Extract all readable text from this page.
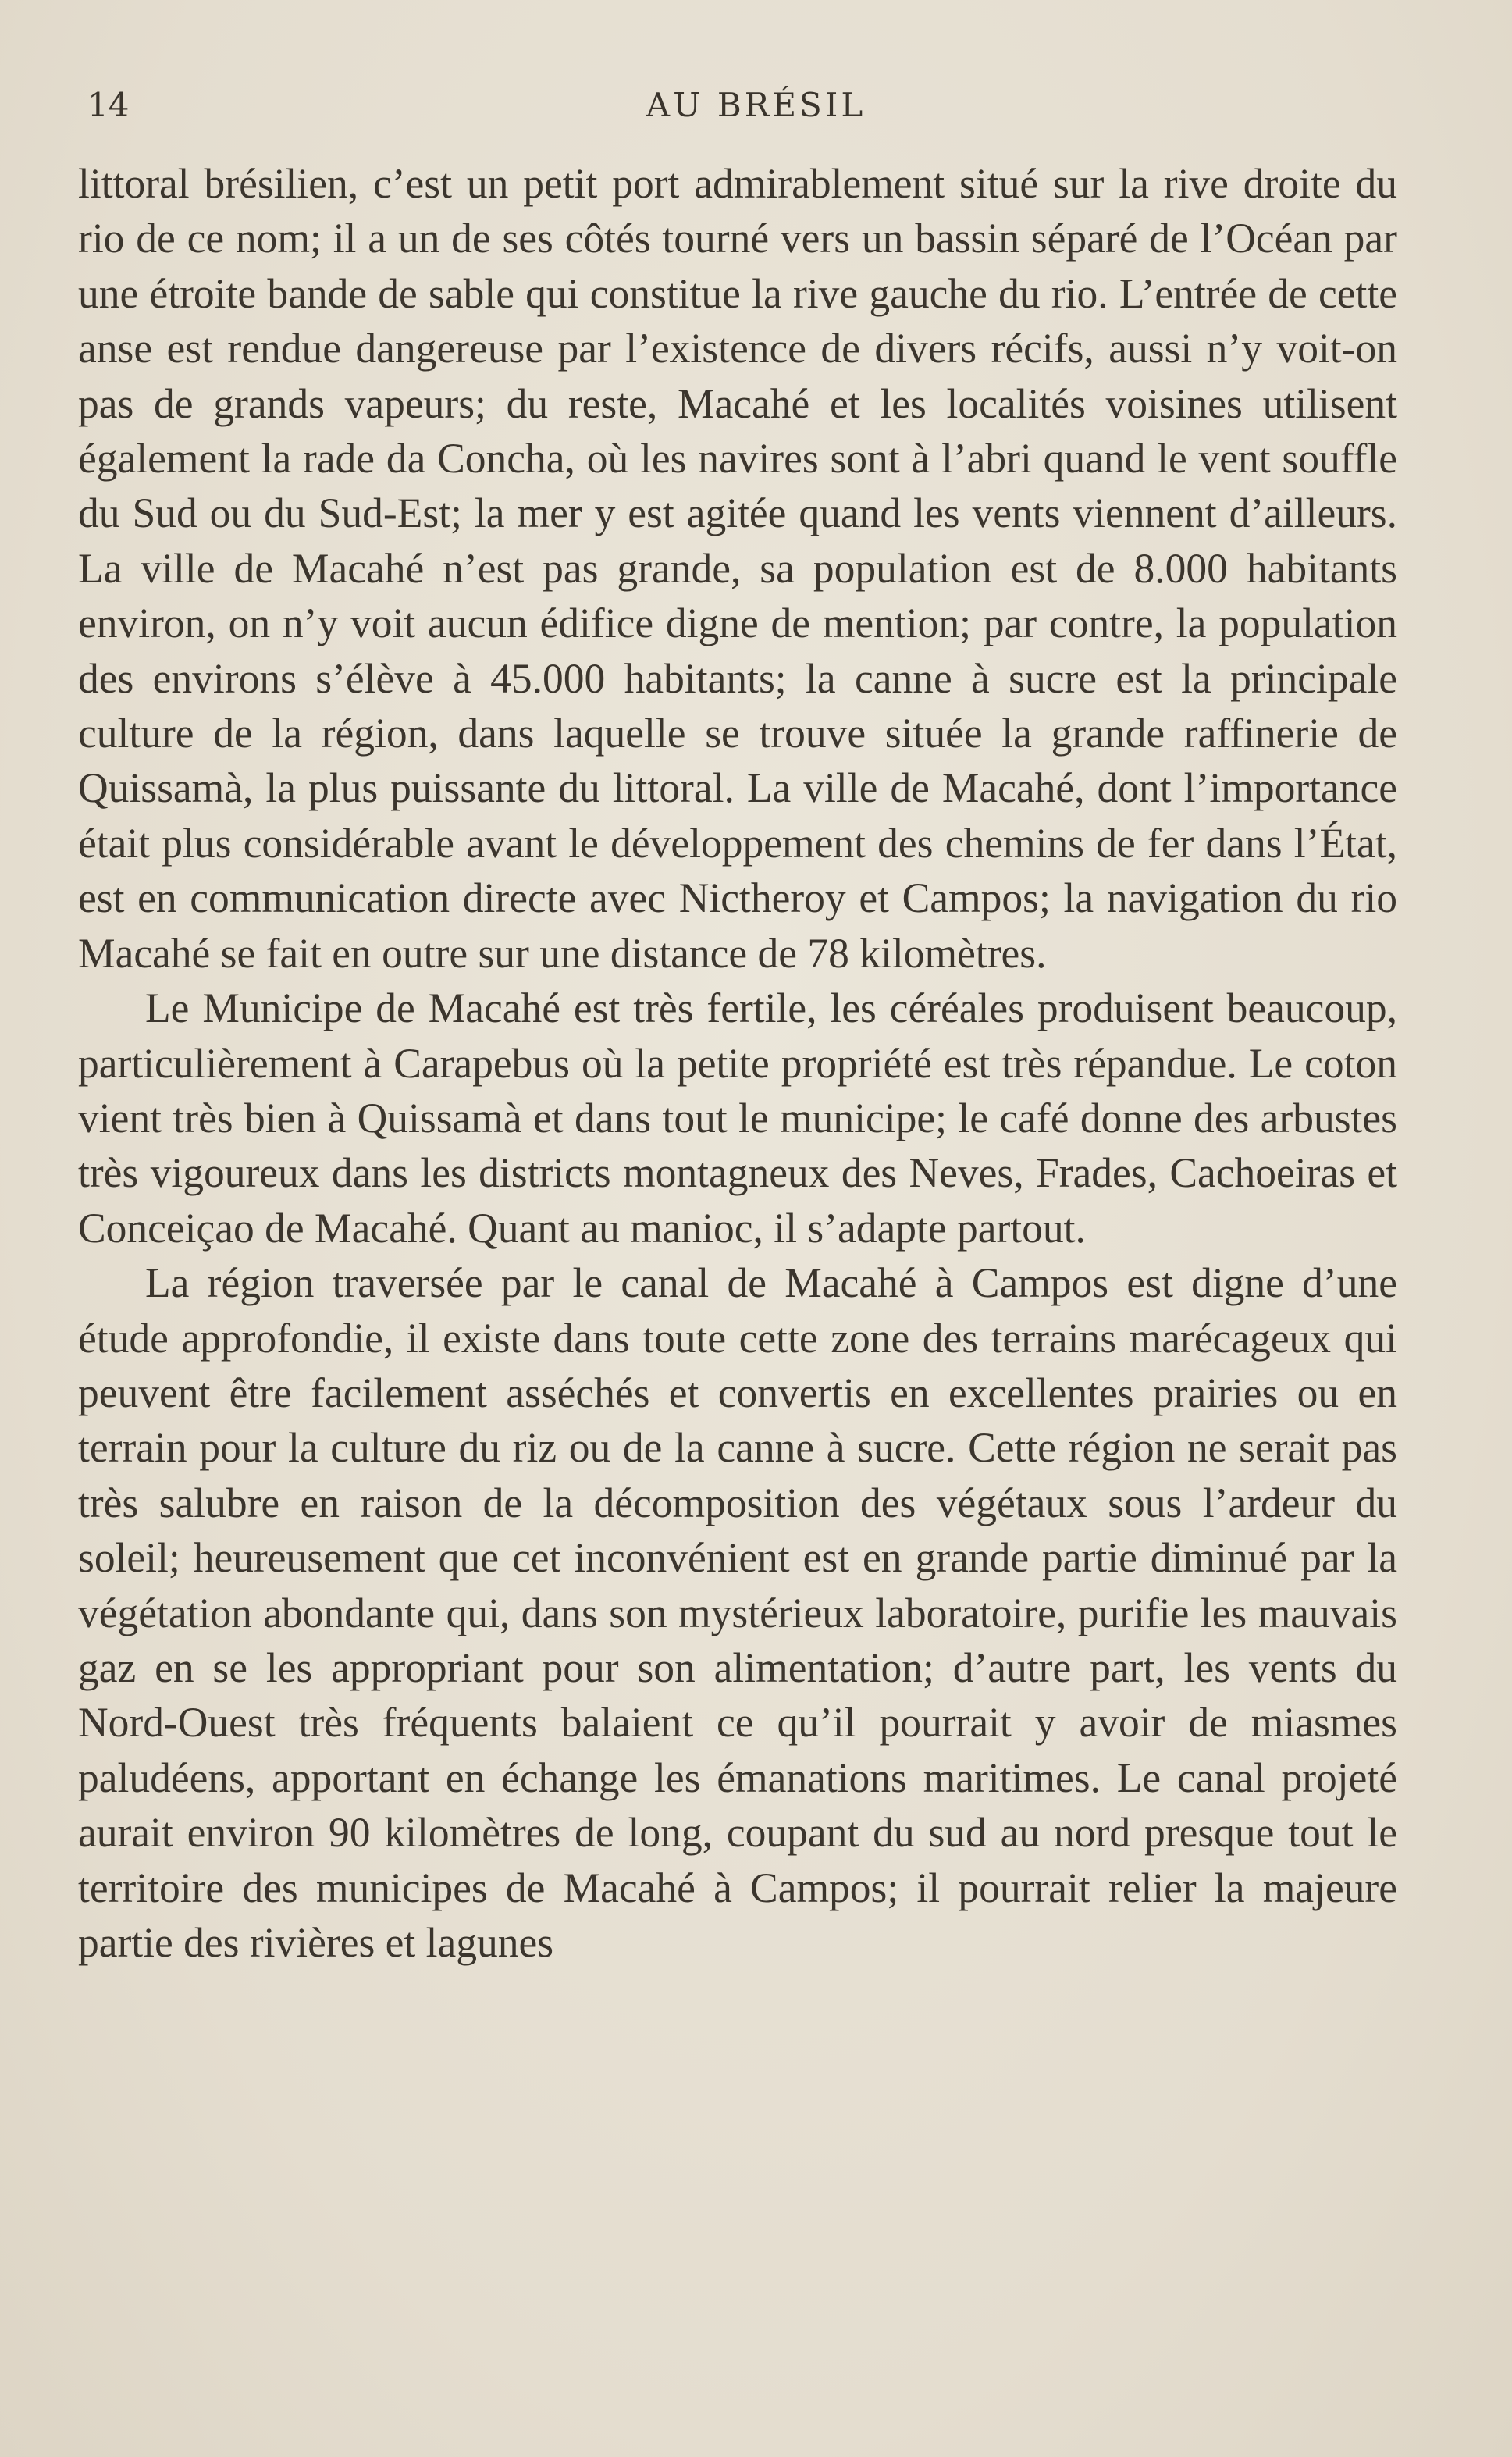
14	AU BRÉSIL

littoral brésilien, c’est un petit port admirablement situé sur la rive droite du rio de ce nom; il a un de ses côtés tourné vers un bassin séparé de l’Océan par une étroite bande de sable qui constitue la rive gauche du rio. L’entrée de cette anse est rendue dangereuse par l’existence de divers récifs, aussi n’y voit-on pas de grands vapeurs; du reste, Macahé et les localités voisines utilisent également la rade da Concha, où les navires sont à l’abri quand le vent souffle du Sud ou du Sud-Est; la mer y est agitée quand les vents viennent d’ailleurs. La ville de Macahé n’est pas grande, sa population est de 8.000 habitants environ, on n’y voit aucun édifice digne de mention; par contre, la population des environs s’élève à 45.000 habitants; la canne à sucre est la principale culture de la région, dans laquelle se trouve située la grande raffinerie de Quissamà, la plus puissante du littoral. La ville de Macahé, dont l’importance était plus considérable avant le développement des chemins de fer dans l’État, est en communication directe avec Nictheroy et Campos; la navigation du rio Macahé se fait en outre sur une distance de 78 kilomètres.

Le Municipe de Macahé est très fertile, les céréales produisent beaucoup, particulièrement à Carapebus où la petite propriété est très répandue. Le coton vient très bien à Quissamà et dans tout le municipe; le café donne des arbustes très vigoureux dans les districts montagneux des Neves, Frades, Cachoeiras et Conceiçao de Macahé. Quant au manioc, il s’adapte partout.

La région traversée par le canal de Macahé à Campos est digne d’une étude approfondie, il existe dans toute cette zone des terrains marécageux qui peuvent être facilement asséchés et convertis en excellentes prairies ou en terrain pour la culture du riz ou de la canne à sucre. Cette région ne serait pas très salubre en raison de la décomposition des végétaux sous l’ardeur du soleil; heureusement que cet inconvénient est en grande partie diminué par la végétation abondante qui, dans son mystérieux laboratoire, purifie les mauvais gaz en se les appropriant pour son alimentation; d’autre part, les vents du Nord-Ouest très fréquents balaient ce qu’il pourrait y avoir de miasmes paludéens, apportant en échange les émanations maritimes. Le canal projeté aurait environ 90 kilomètres de long, coupant du sud au nord presque tout le territoire des municipes de Macahé à Campos; il pourrait relier la majeure partie des rivières et lagunes
